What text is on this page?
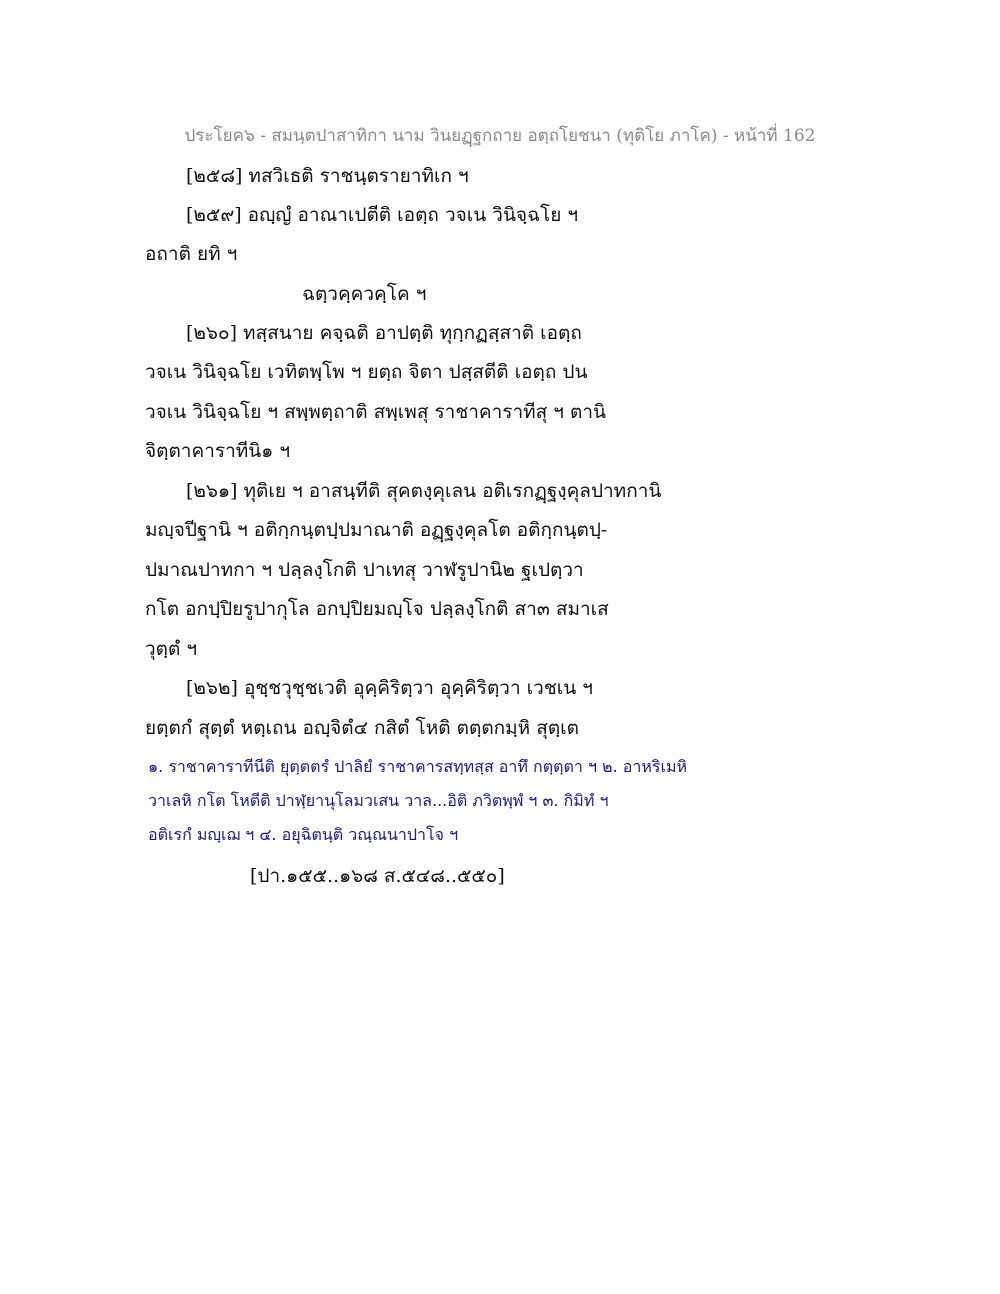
ประโยค๖ - สมนฺตปาสาทิกา นาม วินยฏฺฐกถาย อตฺถโยชนา (ทุติโย ภาโค) - หน้าที่ 162
[๒๕๘] ทสวิเธติ ราชนฺตรายาทิเก ฯ
[๒๕๙] อญฺญํ อาณาเปตีติ เอตฺถ วจเน วินิจฺฉโย ฯ
อถาติ ยทิ ฯ
ฉตฺวคฺควคฺโค ฯ
[๒๖๐] ทสฺสนาย คจฺฉติ อาปตฺติ ทุกฺกฏสฺสาติ เอตฺถ
วจเน วินิจฺฉโย เวทิตพฺโพ ฯ ยตฺถ จิตา ปสฺสตีติ เอตฺถ ปน
วจเน วินิจฺฉโย ฯ สพฺพตฺถาติ สพฺเพสุ ราชาคาราทีสุ ฯ ตานิ
จิตฺตาคาราทีนิ๑ ฯ
[๒๖๑] ทุติเย ฯ อาสนฺทีติ สุคตงฺคุเลน อติเรกฏฺฐงฺคุลปาทกานิ
มญฺจปีฐานิ ฯ อติกฺกนฺตปฺปมาณาติ อฏฺฐงฺคุลโต อติกฺกนฺตปฺ-
ปมาณปาทกา ฯ ปลฺลงฺโกติ ปาเทสุ วาฬรูปานิ๒ ฐเปตฺวา
กโต อกปฺปิยรูปากุโล อกปฺปิยมญฺโจ ปลฺลงฺโกติ สา๓ สมาเส
วุตฺตํ ฯ
[๒๖๒] อุชฺชวุชฺชเวติ อุคฺคิริตฺวา อุคฺคิริตฺวา เวชเน ฯ
ยตฺตกํ สุตฺตํ หตฺเถน อญฺจิตํ๔ กสิตํ โหติ ตตฺตกมฺหิ สุตฺเต
๑. ราชาคาราทีนีติ ยุตฺตตรํ ปาลิยํ ราชาคารสทฺทสฺส อาทึ กตฺตฺตา ฯ ๒. อาหริเมหิ
วาเลหิ กโต โหตีติ ปาฬฺยานุโลมวเสน วาล...อิติ ภวิตพฺพํ ฯ ๓. กิมิทํ ฯ
อติเรกํ มญฺเฌ ฯ ๔. อยุฉิตนฺติ วณฺณนาปาโจ ฯ
[ปา.๑๕๕..๑๖๘ ส.๕๔๘..๕๕๐]
